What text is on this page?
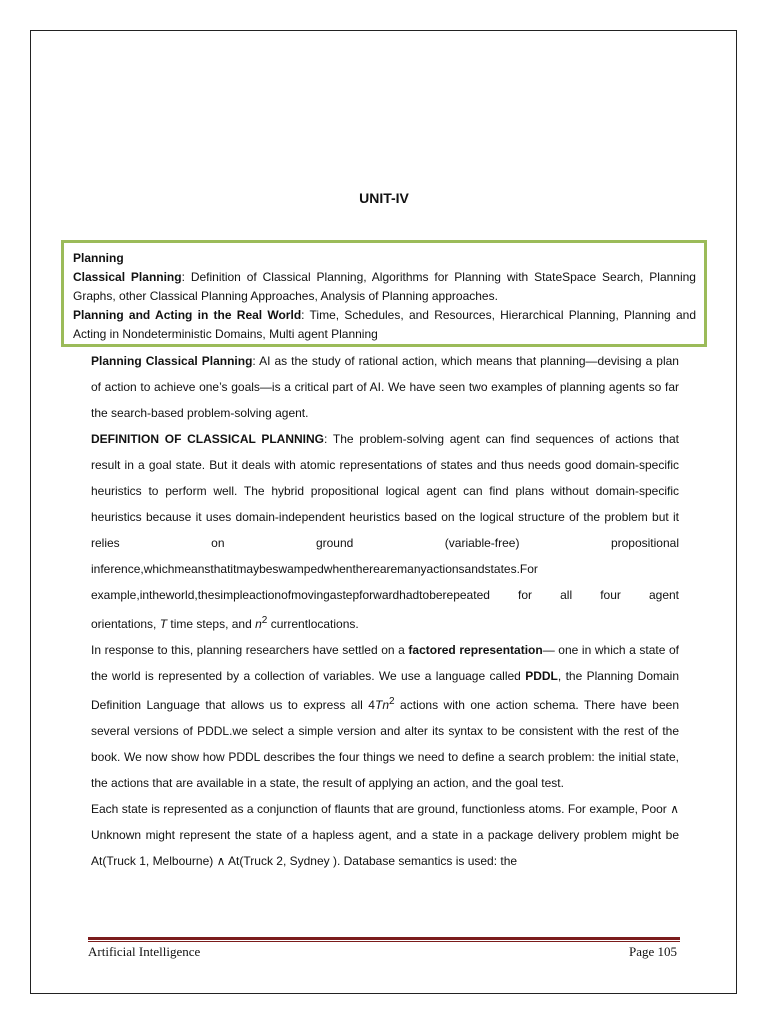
UNIT-IV

Planning

Classical Planning: Definition of Classical Planning, Algorithms for Planning with StateSpace Search, Planning Graphs, other Classical Planning Approaches, Analysis of Planning approaches.

Planning and Acting in the Real World: Time, Schedules, and Resources, Hierarchical Planning, Planning and Acting in Nondeterministic Domains, Multi agent Planning

Planning Classical Planning: AI as the study of rational action, which means that planning—devising a plan of action to achieve one’s goals—is a critical part of AI. We have seen two examples of planning agents so far the search-based problem-solving agent.

DEFINITION OF CLASSICAL PLANNING: The problem-solving agent can find sequences of actions that result in a goal state. But it deals with atomic representations of states and thus needs good domain-specific heuristics to perform well. The hybrid propositional logical agent can find plans without domain-specific heuristics because it uses domain-independent heuristics based on the logical structure of the problem but it relies on ground (variable-free) propositional

inference,whichmeansthatitmaybeswampedwhentherearemanyactionsandstates.For

example,intheworld,thesimpleactionofmovingastepforwardhadtoberepeated for all four agent

orientations, T time steps, and $n^2$ currentlocations.

In response to this, planning researchers have settled on a factored representation— one in which a state of the world is represented by a collection of variables. We use a language called PDDL, the Planning Domain Definition Language that allows us to express all 4Tn$^2$ actions with one action schema. There have been several versions of PDDL.we select a simple version and alter its syntax to be consistent with the rest of the book. We now show how PDDL describes the four things we need to define a search problem: the initial state, the actions that are available in a state, the result of applying an action, and the goal test.

Each state is represented as a conjunction of flaunts that are ground, functionless atoms. For example, Poor ∧ Unknown might represent the state of a hapless agent, and a state in a package delivery problem might be At(Truck 1, Melbourne) ∧ At(Truck 2, Sydney ). Database semantics is used: the

Artificial Intelligence	Page 105
